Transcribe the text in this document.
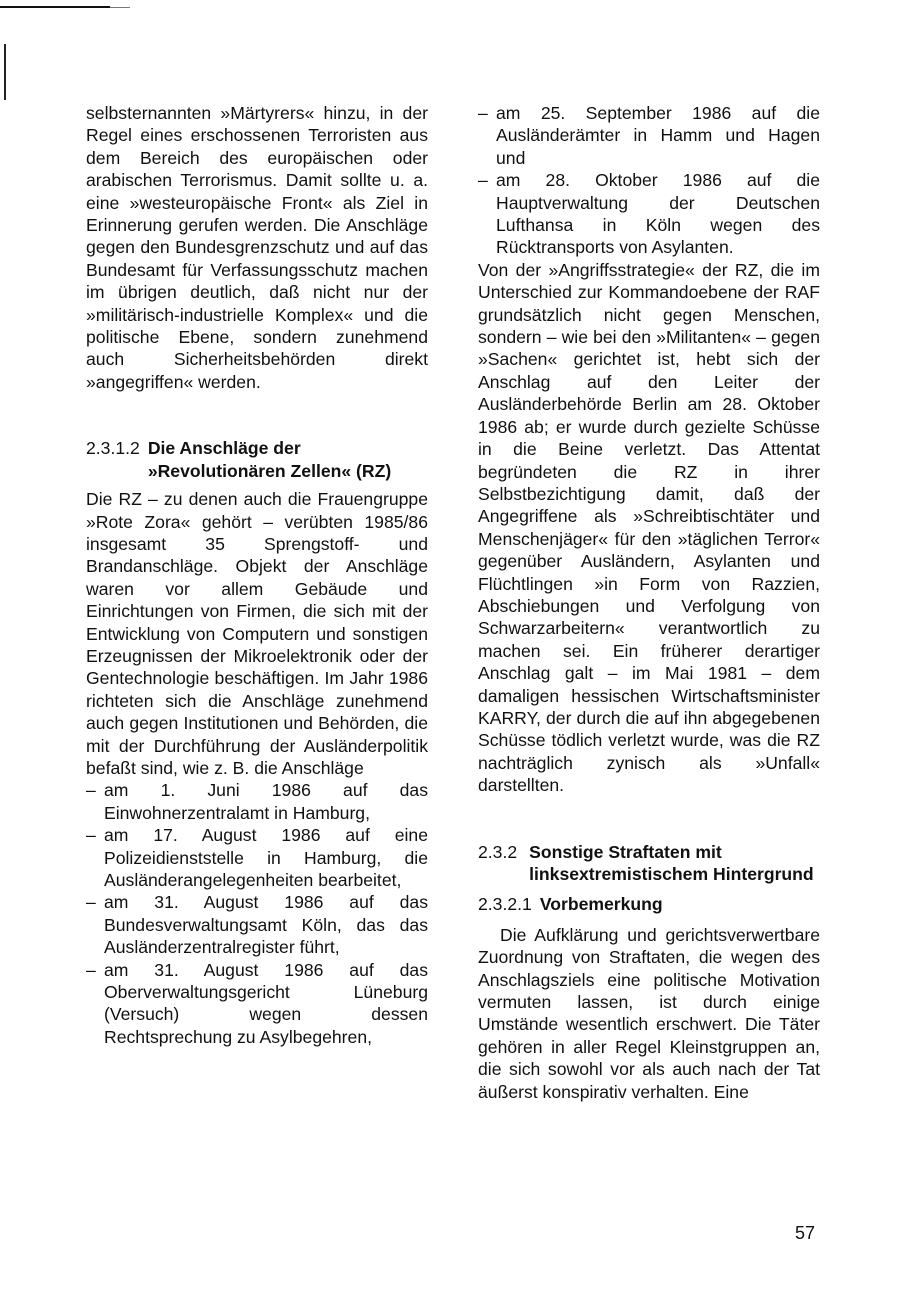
selbsternannten »Märtyrers« hinzu, in der Regel eines erschossenen Terroristen aus dem Bereich des europäischen oder arabischen Terrorismus. Damit sollte u. a. eine »westeuropäische Front« als Ziel in Erinnerung gerufen werden. Die Anschläge gegen den Bundesgrenzschutz und auf das Bundesamt für Verfassungsschutz machen im übrigen deutlich, daß nicht nur der »militärisch-industrielle Komplex« und die politische Ebene, sondern zunehmend auch Sicherheitsbehörden direkt »angegriffen« werden.

2.3.1.2 Die Anschläge der »Revolutionären Zellen« (RZ)

Die RZ – zu denen auch die Frauengruppe »Rote Zora« gehört – verübten 1985/86 insgesamt 35 Sprengstoff- und Brandanschläge. Objekt der Anschläge waren vor allem Gebäude und Einrichtungen von Firmen, die sich mit der Entwicklung von Computern und sonstigen Erzeugnissen der Mikroelektronik oder der Gentechnologie beschäftigen. Im Jahr 1986 richteten sich die Anschläge zunehmend auch gegen Institutionen und Behörden, die mit der Durchführung der Ausländerpolitik befaßt sind, wie z. B. die Anschläge

– am 1. Juni 1986 auf das Einwohnerzentralamt in Hamburg,
– am 17. August 1986 auf eine Polizeidienststelle in Hamburg, die Ausländerangelegenheiten bearbeitet,
– am 31. August 1986 auf das Bundesverwaltungsamt Köln, das das Ausländerzentralregister führt,
– am 31. August 1986 auf das Oberverwaltungsgericht Lüneburg (Versuch) wegen dessen Rechtsprechung zu Asylbegehren,
– am 25. September 1986 auf die Ausländerämter in Hamm und Hagen und
– am 28. Oktober 1986 auf die Hauptverwaltung der Deutschen Lufthansa in Köln wegen des Rücktransports von Asylanten.

Von der »Angriffsstrategie« der RZ, die im Unterschied zur Kommandoebene der RAF grundsätzlich nicht gegen Menschen, sondern – wie bei den »Militanten« – gegen »Sachen« gerichtet ist, hebt sich der Anschlag auf den Leiter der Ausländerbehörde Berlin am 28. Oktober 1986 ab; er wurde durch gezielte Schüsse in die Beine verletzt. Das Attentat begründeten die RZ in ihrer Selbstbezichtigung damit, daß der Angegriffene als »Schreibtischtäter und Menschenjäger« für den »täglichen Terror« gegenüber Ausländern, Asylanten und Flüchtlingen »in Form von Razzien, Abschiebungen und Verfolgung von Schwarzarbeitern« verantwortlich zu machen sei. Ein früherer derartiger Anschlag galt – im Mai 1981 – dem damaligen hessischen Wirtschaftsminister KARRY, der durch die auf ihn abgegebenen Schüsse tödlich verletzt wurde, was die RZ nachträglich zynisch als »Unfall« darstellten.

2.3.2 Sonstige Straftaten mit linksextremistischem Hintergrund
2.3.2.1 Vorbemerkung

Die Aufklärung und gerichtsverwertbare Zuordnung von Straftaten, die wegen des Anschlagsziels eine politische Motivation vermuten lassen, ist durch einige Umstände wesentlich erschwert. Die Täter gehören in aller Regel Kleinstgruppen an, die sich sowohl vor als auch nach der Tat äußerst konspirativ verhalten. Eine

57
